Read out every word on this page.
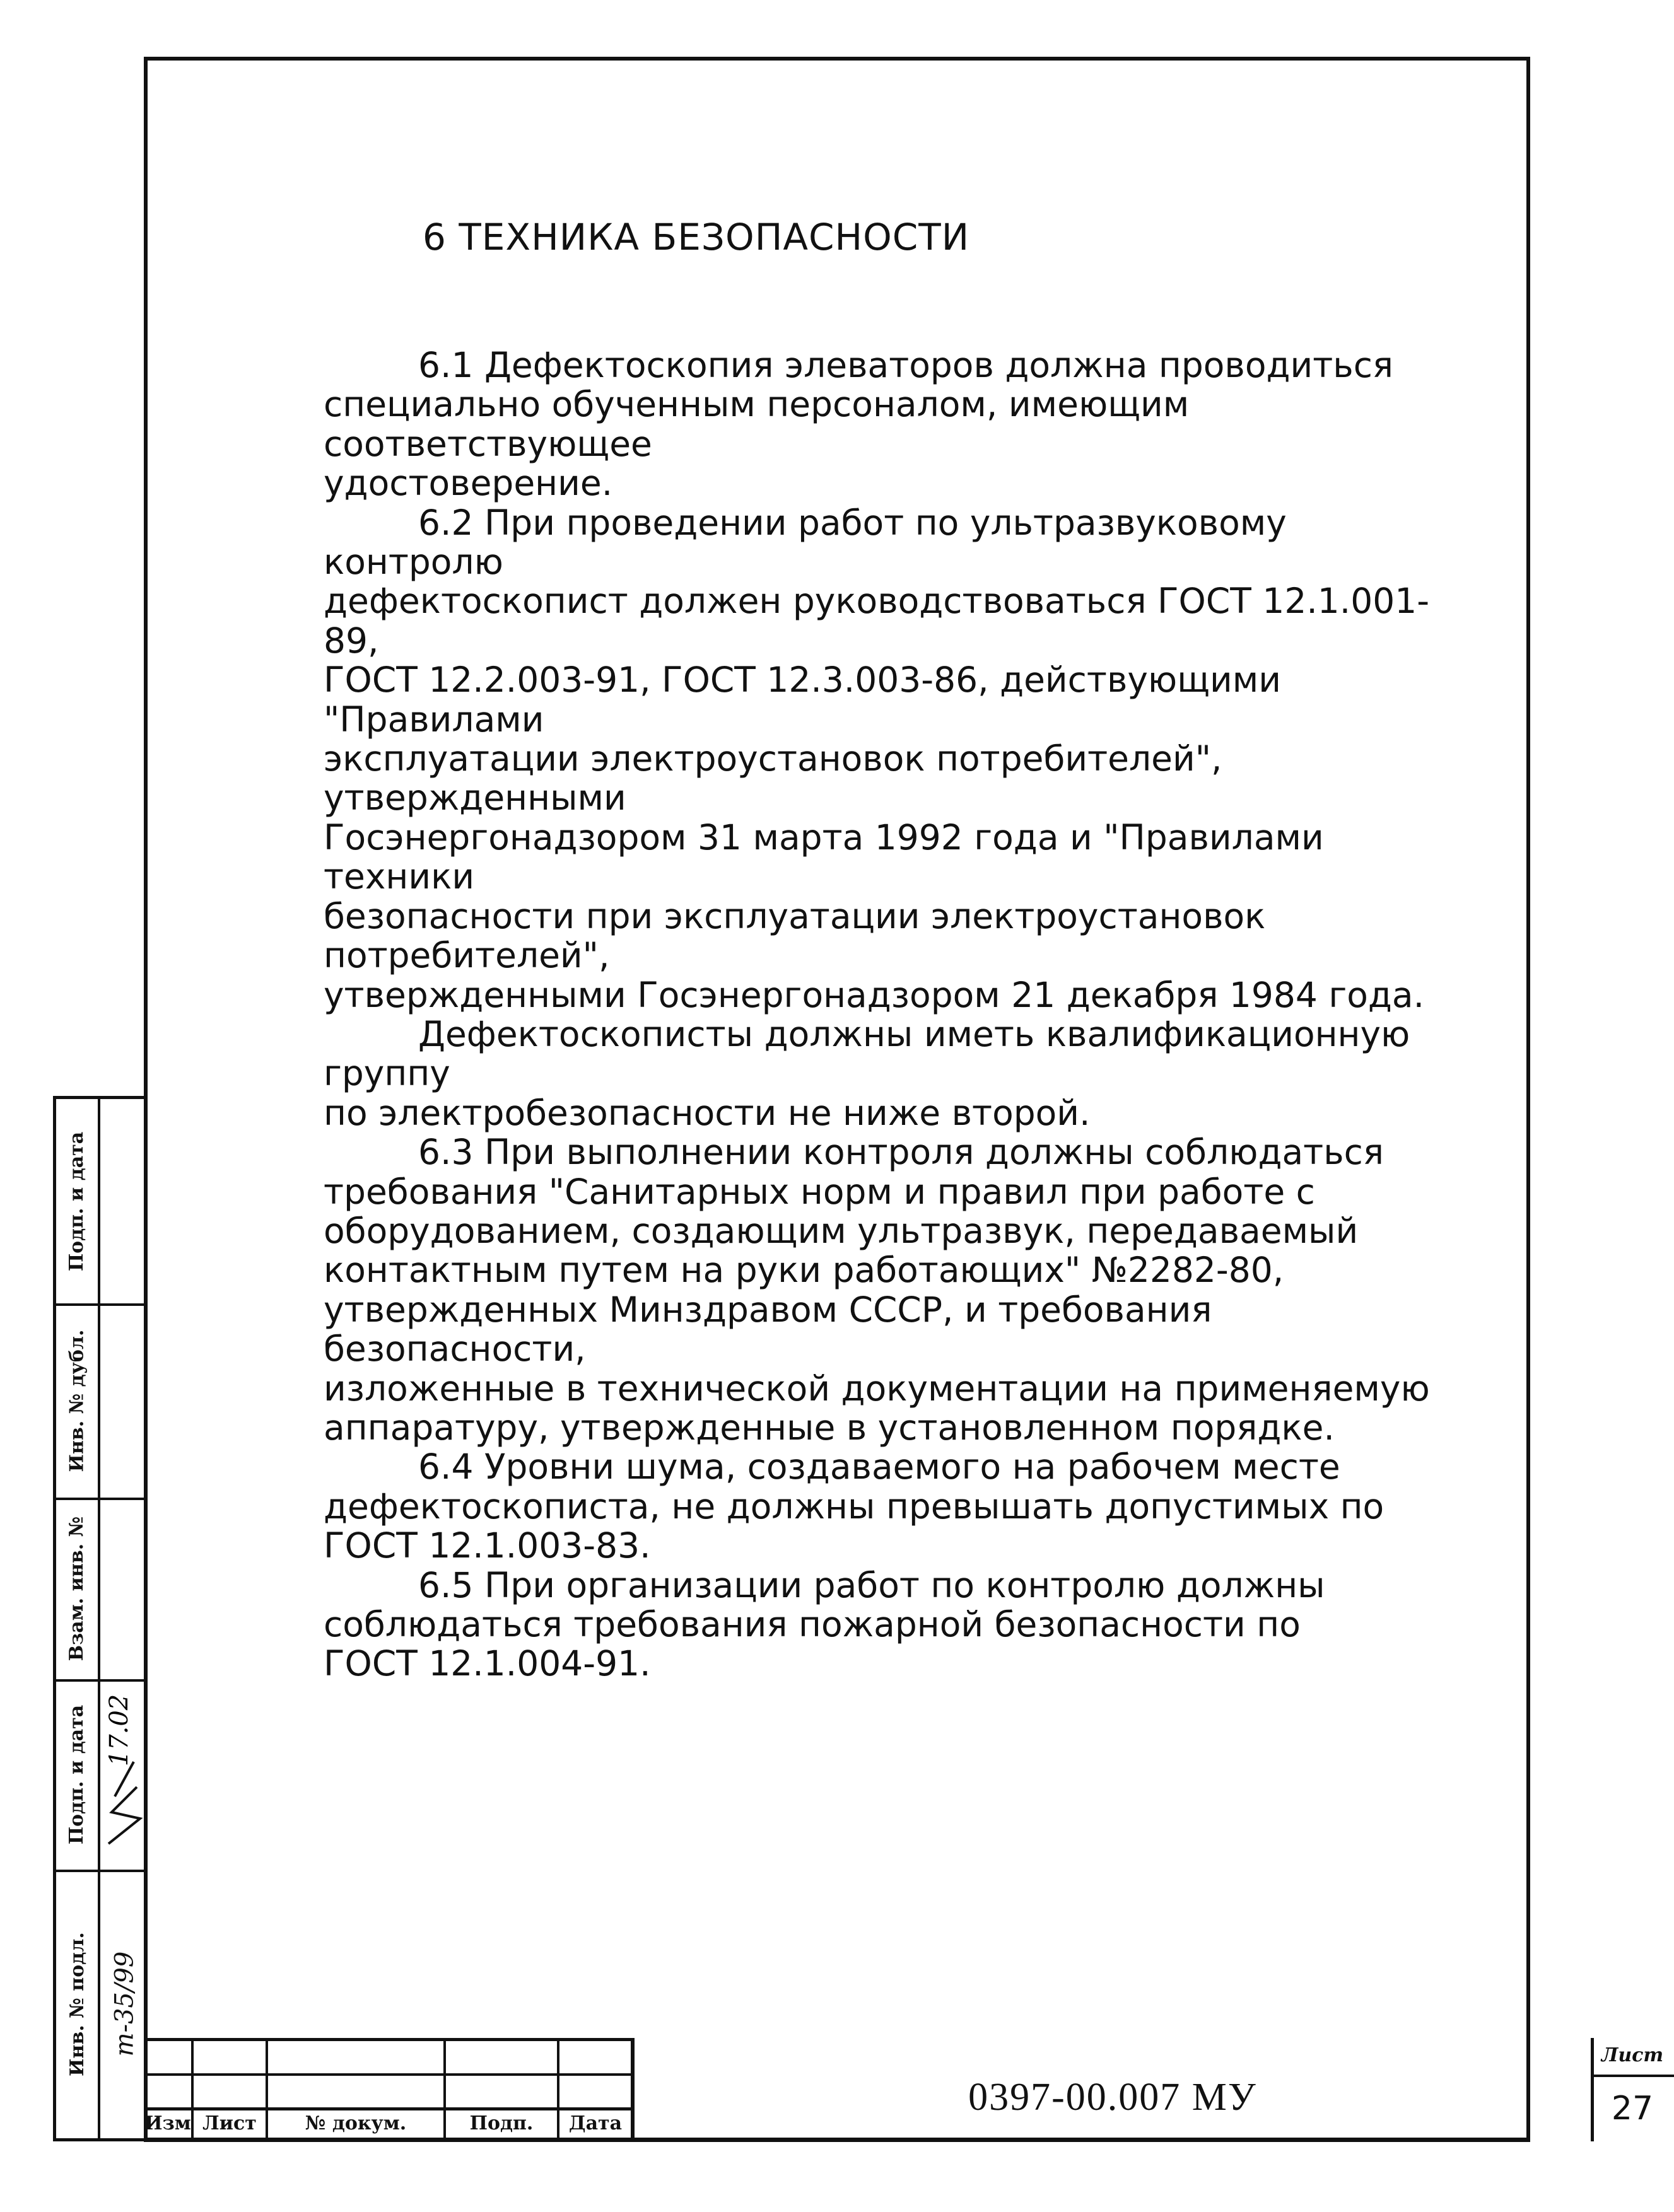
6 ТЕХНИКА БЕЗОПАСНОСТИ

6.1 Дефектоскопия элеваторов должна проводиться

специально обученным персоналом, имеющим соответствующее

удостоверение.

6.2 При проведении работ по ультразвуковому контролю

дефектоскопист должен руководствоваться ГОСТ 12.1.001-89,

ГОСТ 12.2.003-91, ГОСТ 12.3.003-86, действующими "Правилами

эксплуатации электроустановок потребителей", утвержденными

Госэнергонадзором 31 марта 1992 года и "Правилами техники

безопасности при эксплуатации электроустановок потребителей",

утвержденными Госэнергонадзором 21 декабря 1984 года.

Дефектоскописты должны иметь квалификационную группу

по электробезопасности не ниже второй.

6.3 При выполнении контроля должны соблюдаться

требования "Санитарных норм и правил при работе с

оборудованием, создающим ультразвук, передаваемый

контактным путем на руки работающих" №2282-80,

утвержденных Минздравом СССР, и требования безопасности,

изложенные в технической документации на применяемую

аппаратуру, утвержденные в установленном порядке.

6.4 Уровни шума, создаваемого на рабочем месте

дефектоскописта, не должны превышать допустимых по

ГОСТ 12.1.003-83.

6.5 При организации работ по контролю должны

соблюдаться требования пожарной безопасности по

ГОСТ 12.1.004-91.

Инв. № подл.
Подп. и дата
Взам. инв. №
Инв. № дубл.
Подп. и дата
т-35/99
17.02
Изм Лист	№ докум.	Подп.	Дата
0397-00.007 МУ
Лист
27
